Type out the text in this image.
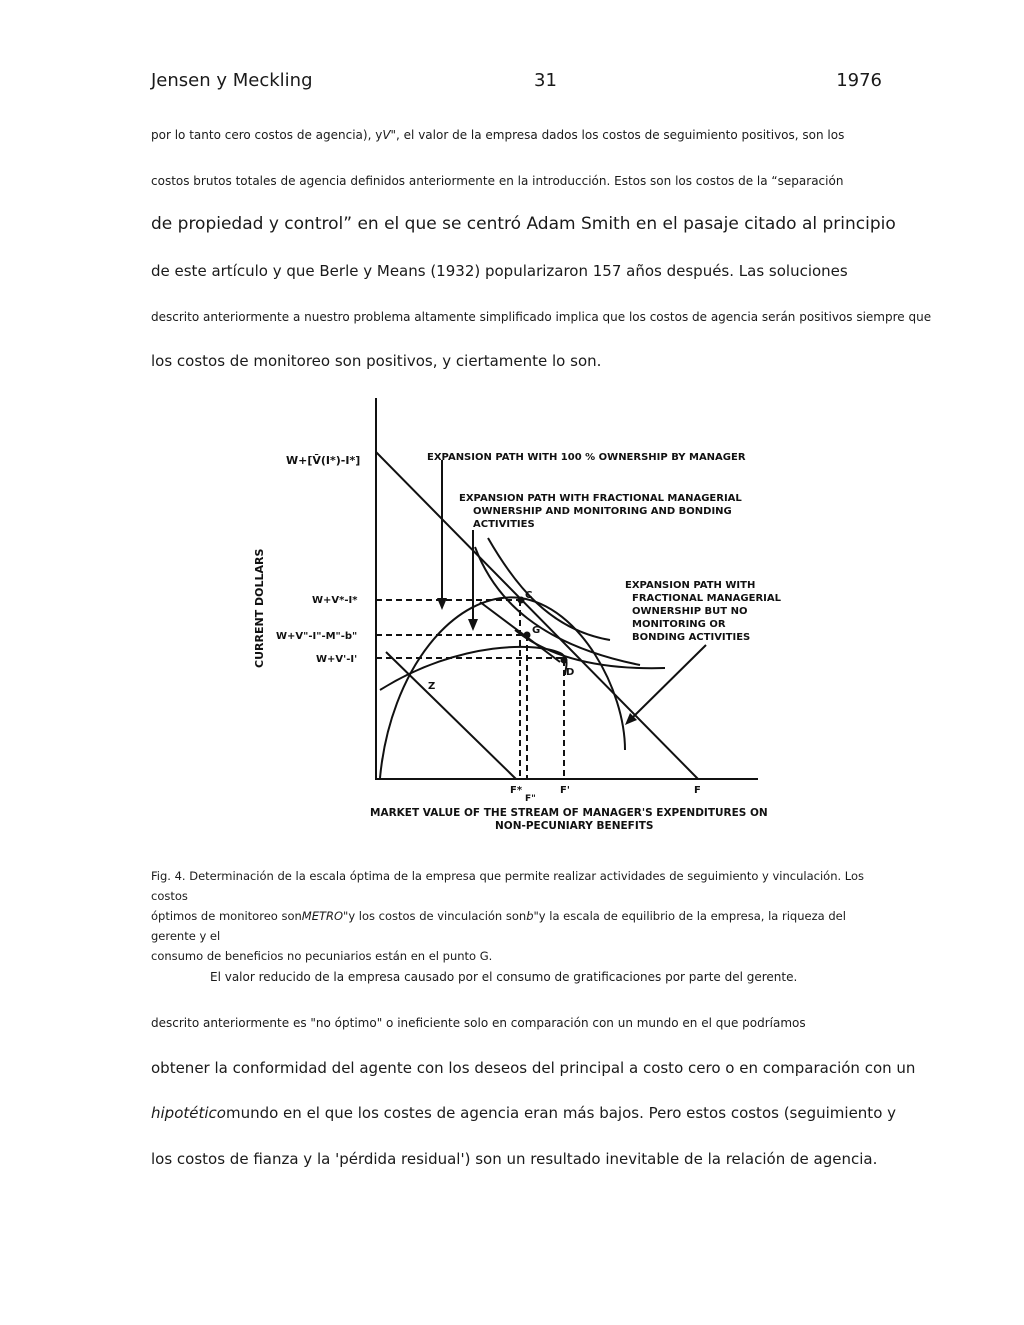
Jensen y Meckling	31	1976
por lo tanto cero costos de agencia), yV", el valor de la empresa dados los costos de seguimiento positivos, son los
costos brutos totales de agencia definidos anteriormente en la introducción. Estos son los costos de la “separación
de propiedad y control” en el que se centró Adam Smith en el pasaje citado al principio
de este artículo y que Berle y Means (1932) popularizaron 157 años después. Las soluciones
descrito anteriormente a nuestro problema altamente simplificado implica que los costos de agencia serán positivos siempre que
los costos de monitoreo son positivos, y ciertamente lo son.
CURRENT DOLLARS
W+[V̄(I*)-I*]
W+V*-I*
W+V"-I"-M"-b"
W+V'-I'
F*
F"
F'	F
MARKET VALUE OF THE STREAM OF MANAGER'S EXPENDITURES ON
NON-PECUNIARY BENEFITS
EXPANSION PATH WITH 100 % OWNERSHIP BY MANAGER
EXPANSION PATH WITH FRACTIONAL MANAGERIAL
OWNERSHIP AND MONITORING AND BONDING
ACTIVITIES
EXPANSION PATH WITH
FRACTIONAL MANAGERIAL
OWNERSHIP BUT NO
MONITORING OR
BONDING ACTIVITIES
C
G
D
Z
Fig. 4. Determinación de la escala óptima de la empresa que permite realizar actividades de seguimiento y vinculación. Los costos
óptimos de monitoreo sonMETRO"y los costos de vinculación sonb"y la escala de equilibrio de la empresa, la riqueza del gerente y el
consumo de beneficios no pecuniarios están en el punto G.
El valor reducido de la empresa causado por el consumo de gratificaciones por parte del gerente.
descrito anteriormente es "no óptimo" o ineficiente solo en comparación con un mundo en el que podríamos
obtener la conformidad del agente con los deseos del principal a costo cero o en comparación con un
hipotéticomundo en el que los costes de agencia eran más bajos. Pero estos costos (seguimiento y
los costos de fianza y la 'pérdida residual') son un resultado inevitable de la relación de agencia.
